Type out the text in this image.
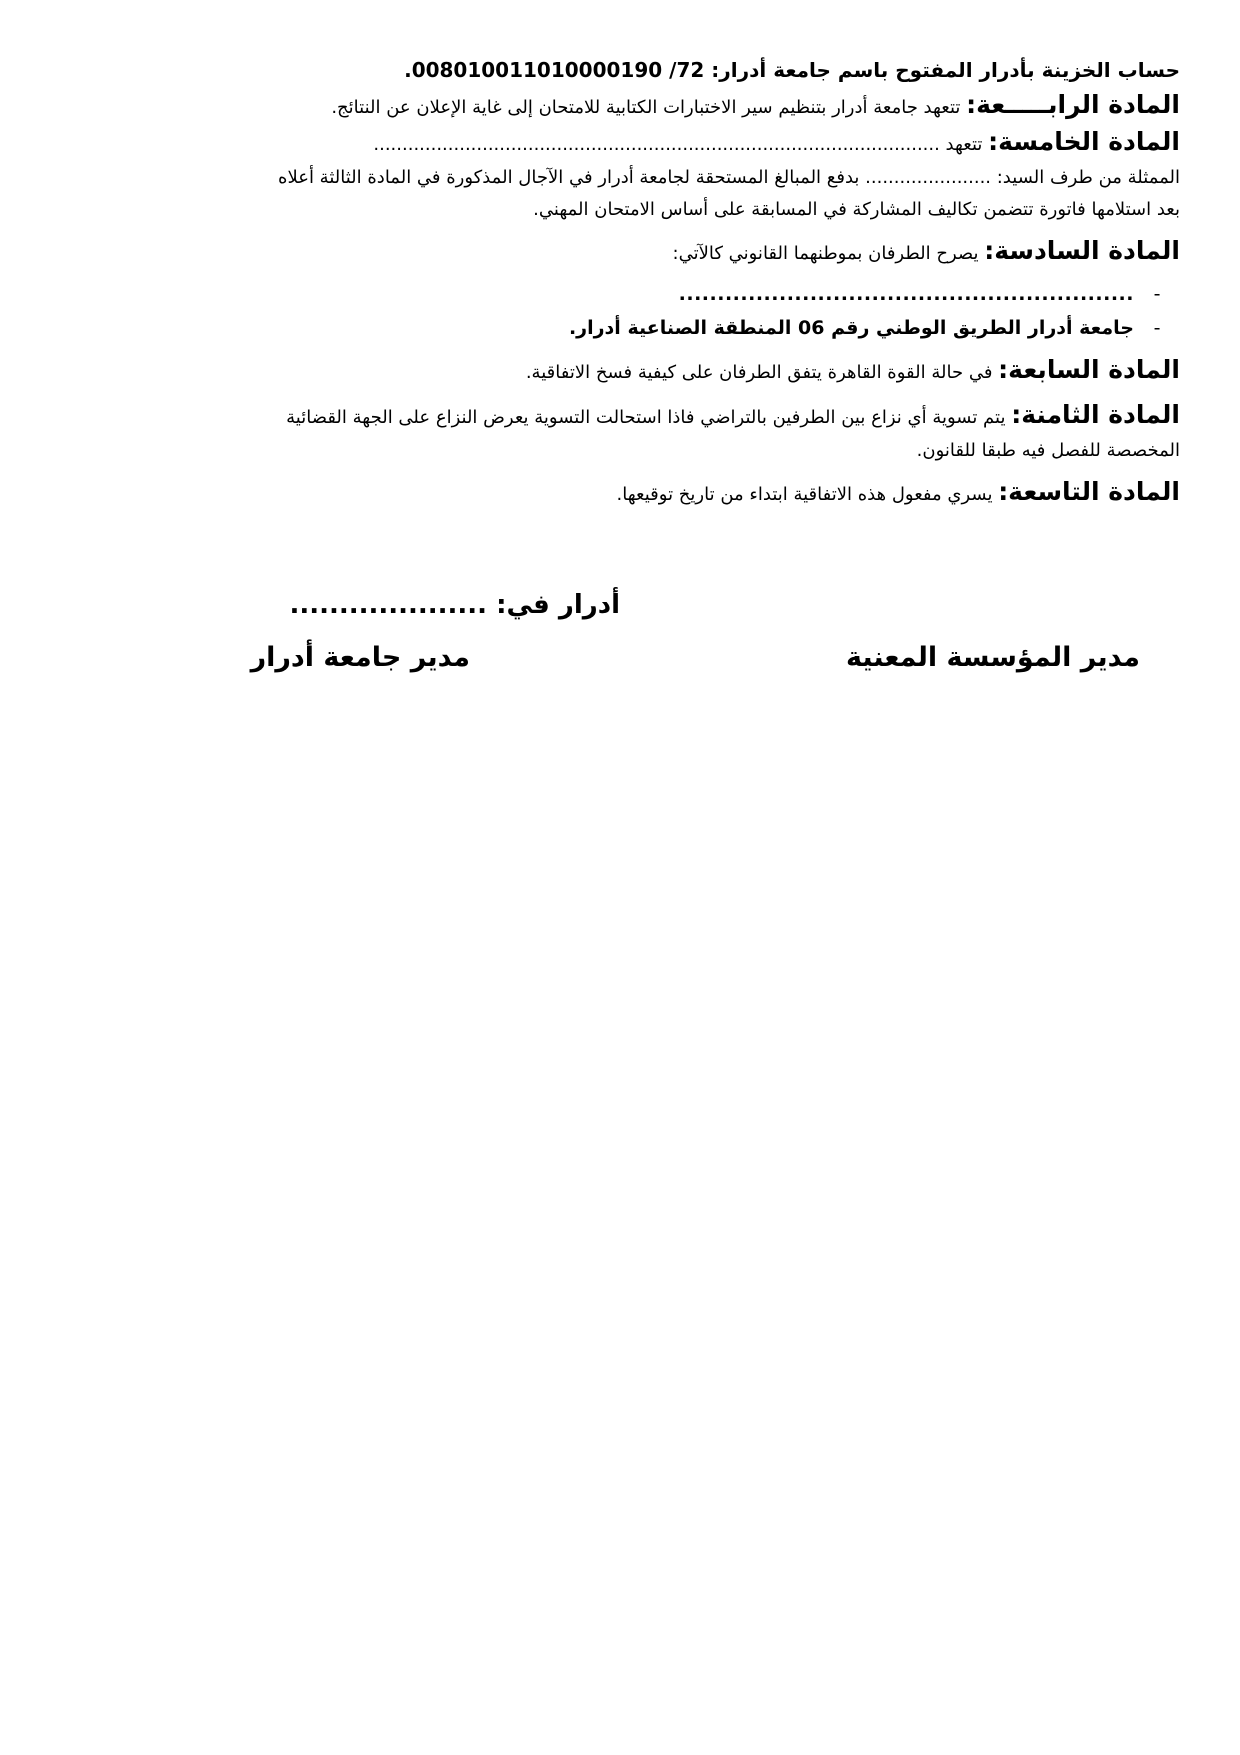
حساب الخزينة بأدرار المفتوح باسم جامعة أدرار: 72/ 008010011010000190.

المادة الرابـــــعة: تتعهد جامعة أدرار بتنظيم سير الاختبارات الكتابية للامتحان إلى غاية الإعلان عن النتائج.

المادة الخامسة: تتعهد ...................................................................................................

الممثلة من طرف السيد: ...................... بدفع المبالغ المستحقة لجامعة أدرار في الآجال المذكورة في المادة الثالثة أعلاه

بعد استلامها فاتورة تتضمن تكاليف المشاركة في المسابقة على أساس الامتحان المهني.

المادة السادسة: يصرح الطرفان بموطنهما القانوني كالآتي:

-...........................................................
-جامعة أدرار الطريق الوطني رقم 06 المنطقة الصناعية أدرار.

المادة السابعة: في حالة القوة القاهرة يتفق الطرفان على كيفية فسخ الاتفاقية.

المادة الثامنة: يتم تسوية أي نزاع بين الطرفين بالتراضي فاذا استحالت التسوية يعرض النزاع على الجهة القضائية

المخصصة للفصل فيه طبقا للقانون.

المادة التاسعة: يسري مفعول هذه الاتفاقية ابتداء من تاريخ توقيعها.

أدرار في: ....................
مدير المؤسسة المعنية
مدير جامعة أدرار
